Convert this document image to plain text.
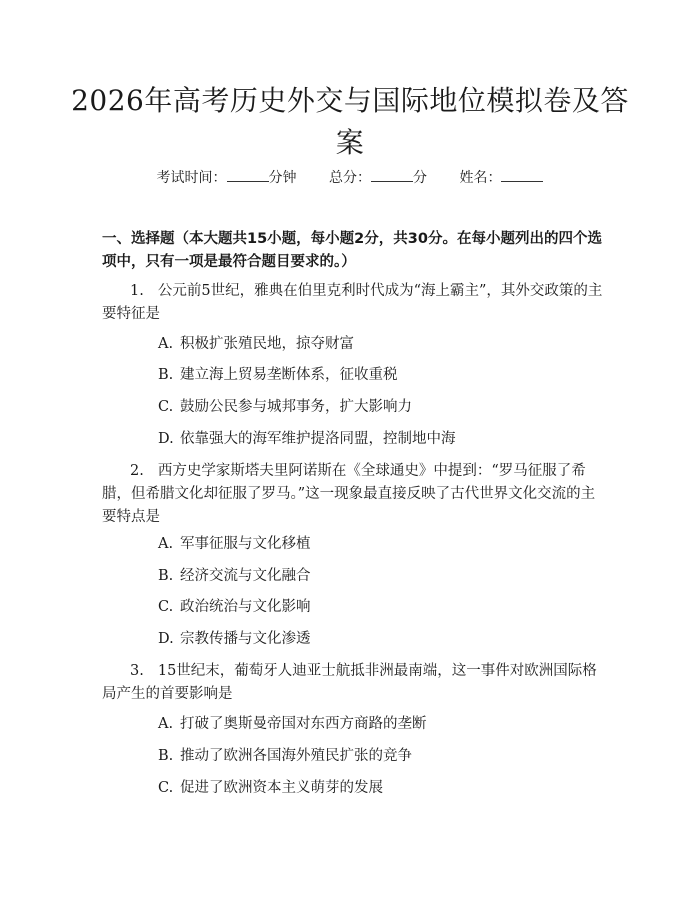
2026年高考历史外交与国际地位模拟卷及答案
考试时间：	分钟 总分：	分 姓名：
一、选择题（本大题共15小题，每小题2分，共30分。在每小题列出的四个选项中，只有一项是最符合题目要求的。）
1. 公元前5世纪，雅典在伯里克利时代成为“海上霸主”，其外交政策的主要特征是
A. 积极扩张殖民地，掠夺财富
B. 建立海上贸易垄断体系，征收重税
C. 鼓励公民参与城邦事务，扩大影响力
D. 依靠强大的海军维护提洛同盟，控制地中海
2. 西方史学家斯塔夫里阿诺斯在《全球通史》中提到：“罗马征服了希腊，但希腊文化却征服了罗马。”这一现象最直接反映了古代世界文化交流的主要特点是
A. 军事征服与文化移植
B. 经济交流与文化融合
C. 政治统治与文化影响
D. 宗教传播与文化渗透
3. 15世纪末，葡萄牙人迪亚士航抵非洲最南端，这一事件对欧洲国际格局产生的首要影响是
A. 打破了奥斯曼帝国对东西方商路的垄断
B. 推动了欧洲各国海外殖民扩张的竞争
C. 促进了欧洲资本主义萌芽的发展
